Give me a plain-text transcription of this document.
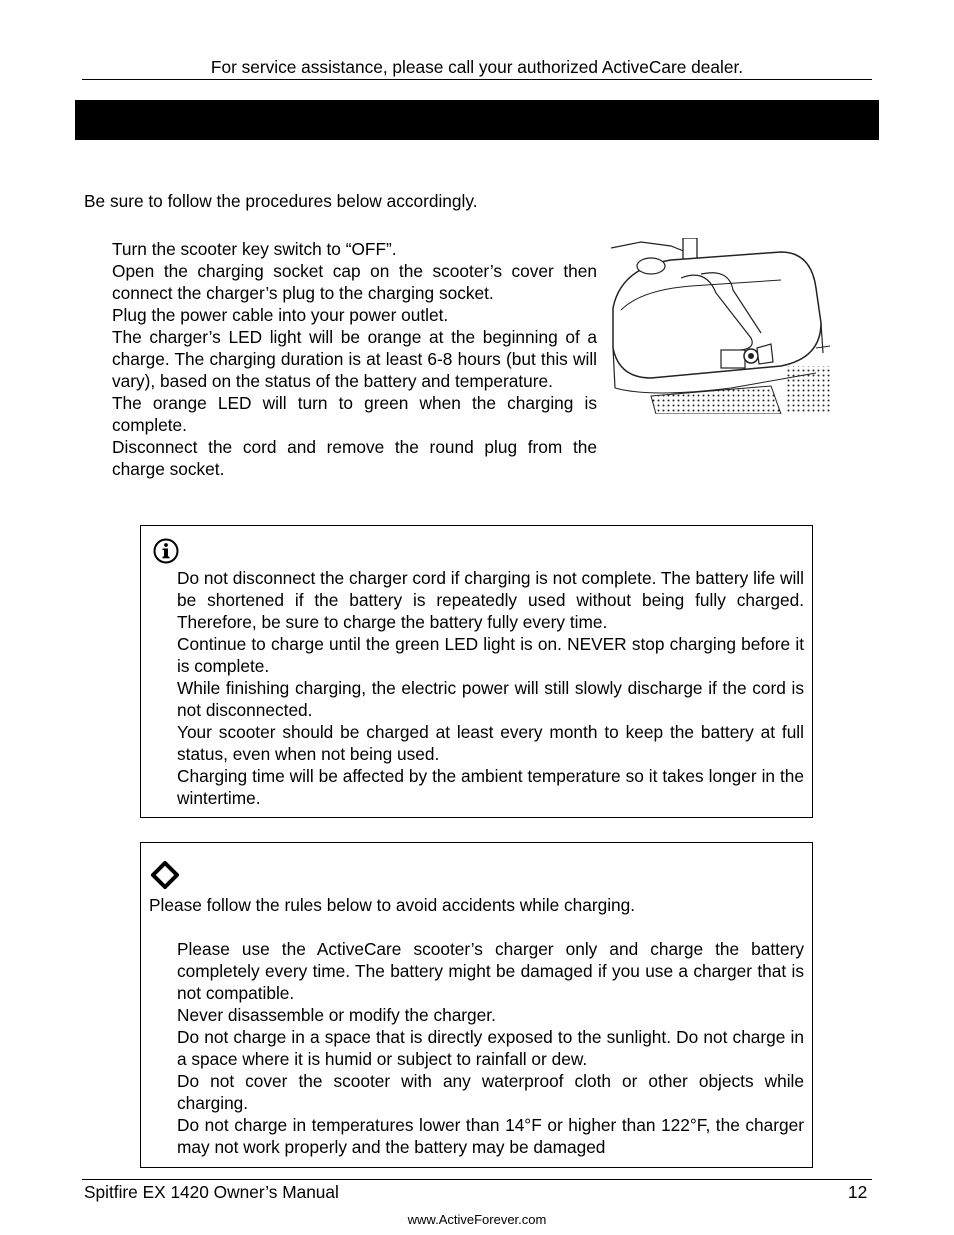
For service assistance, please call your authorized ActiveCare dealer.
Be sure to follow the procedures below accordingly.
Turn the scooter key switch to “OFF”.
Open the charging socket cap on the scooter’s cover then connect the charger’s plug to the charging socket.
Plug the power cable into your power outlet.
The charger’s LED light will be orange at the beginning of a charge. The charging duration is at least 6-8 hours (but this will vary), based on the status of the battery and temperature.
The orange LED will turn to green when the charging is complete.
Disconnect the cord and remove the round plug from the charge socket.
Do not disconnect the charger cord if charging is not complete. The battery life will be shortened if the battery is repeatedly used without being fully charged. Therefore, be sure to charge the battery fully every time.
Continue to charge until the green LED light is on. NEVER stop charging before it is complete.
While finishing charging, the electric power will still slowly discharge if the cord is not disconnected.
Your scooter should be charged at least every month to keep the battery at full status, even when not being used.
Charging time will be affected by the ambient temperature so it takes longer in the wintertime.
Please follow the rules below to avoid accidents while charging.
Please use the ActiveCare scooter’s charger only and charge the battery completely every time. The battery might be damaged if you use a charger that is not compatible.
Never disassemble or modify the charger.
Do not charge in a space that is directly exposed to the sunlight. Do not charge in a space where it is humid or subject to rainfall or dew.
Do not cover the scooter with any waterproof cloth or other objects while charging.
Do not charge in temperatures lower than 14°F or higher than 122°F, the charger may not work properly and the battery may be damaged
Spitfire EX 1420 Owner’s Manual	12
www.ActiveForever.com
